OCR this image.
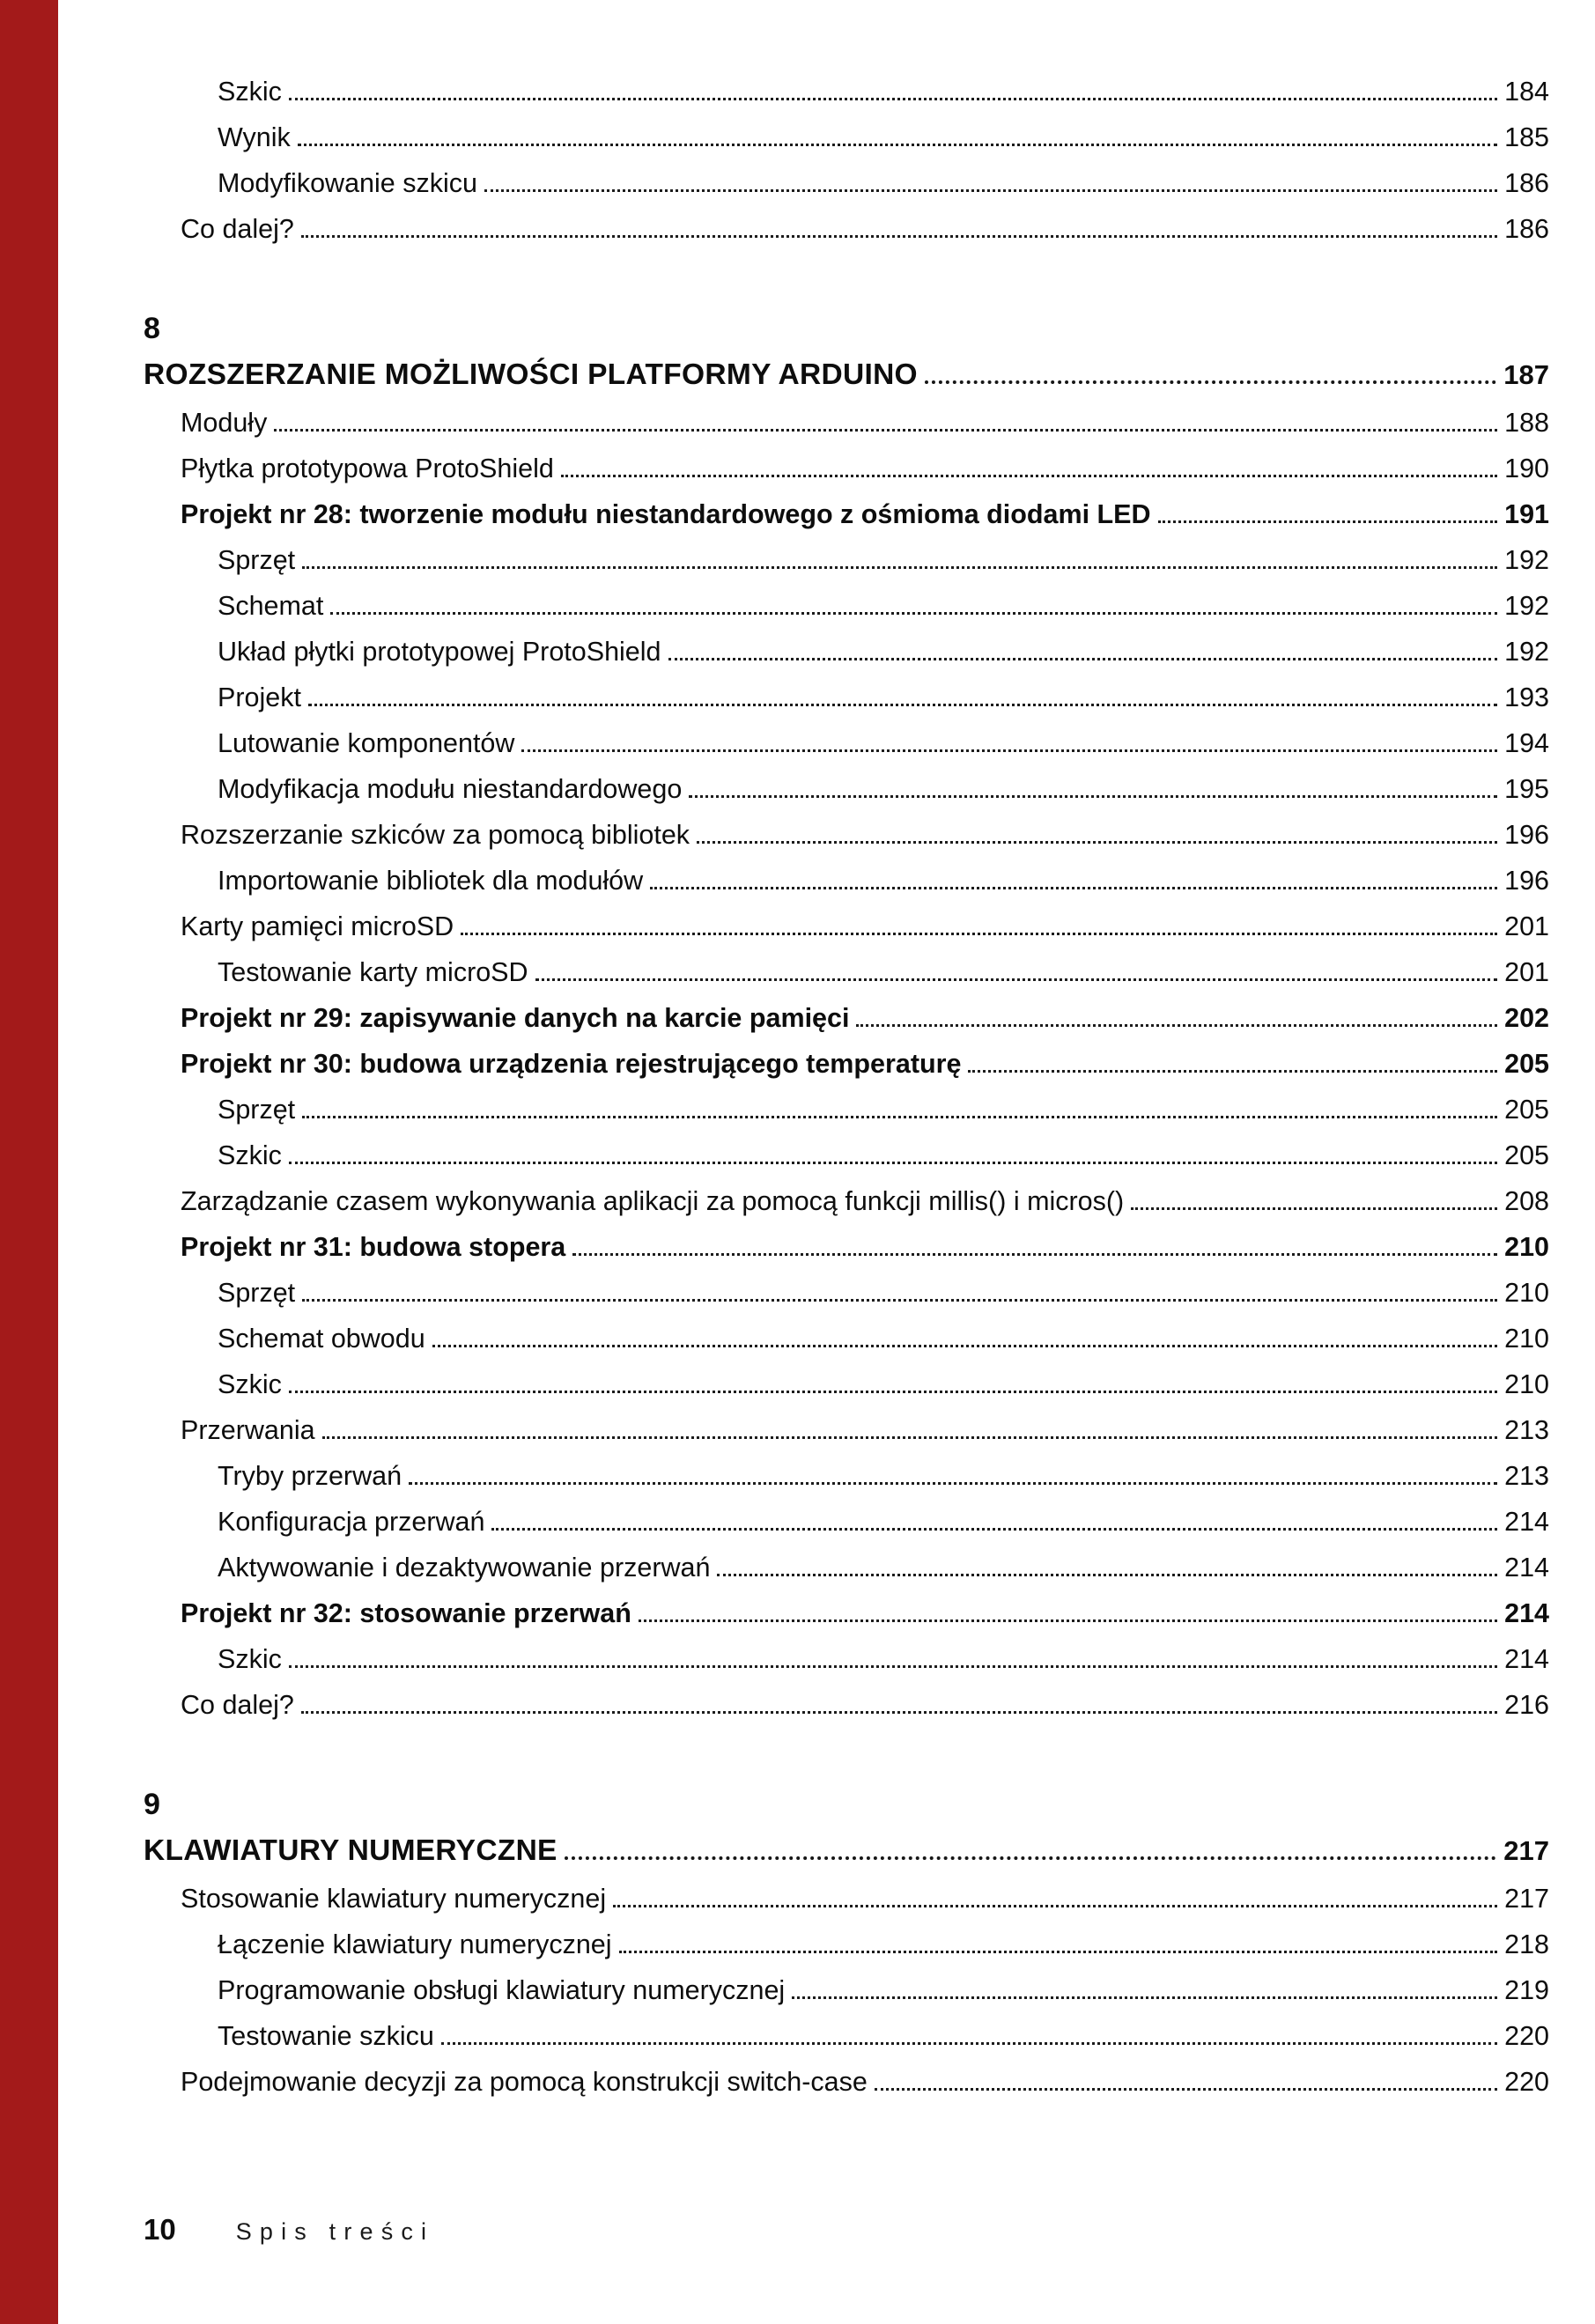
Szkic	184
Wynik	185
Modyfikowanie szkicu	186
Co dalej?	186
8
ROZSZERZANIE MOŻLIWOŚCI PLATFORMY ARDUINO	187
Moduły	188
Płytka prototypowa ProtoShield	190
Projekt nr 28: tworzenie modułu niestandardowego z ośmioma diodami LED	191
Sprzęt	192
Schemat	192
Układ płytki prototypowej ProtoShield	192
Projekt	193
Lutowanie komponentów	194
Modyfikacja modułu niestandardowego	195
Rozszerzanie szkiców za pomocą bibliotek	196
Importowanie bibliotek dla modułów	196
Karty pamięci microSD	201
Testowanie karty microSD	201
Projekt nr 29: zapisywanie danych na karcie pamięci	202
Projekt nr 30: budowa urządzenia rejestrującego temperaturę	205
Sprzęt	205
Szkic	205
Zarządzanie czasem wykonywania aplikacji za pomocą funkcji millis() i micros()	208
Projekt nr 31: budowa stopera	210
Sprzęt	210
Schemat obwodu	210
Szkic	210
Przerwania	213
Tryby przerwań	213
Konfiguracja przerwań	214
Aktywowanie i dezaktywowanie przerwań	214
Projekt nr 32: stosowanie przerwań	214
Szkic	214
Co dalej?	216
9
KLAWIATURY NUMERYCZNE	217
Stosowanie klawiatury numerycznej	217
Łączenie klawiatury numerycznej	218
Programowanie obsługi klawiatury numerycznej	219
Testowanie szkicu	220
Podejmowanie decyzji za pomocą konstrukcji switch-case	220
10	Spis treści
